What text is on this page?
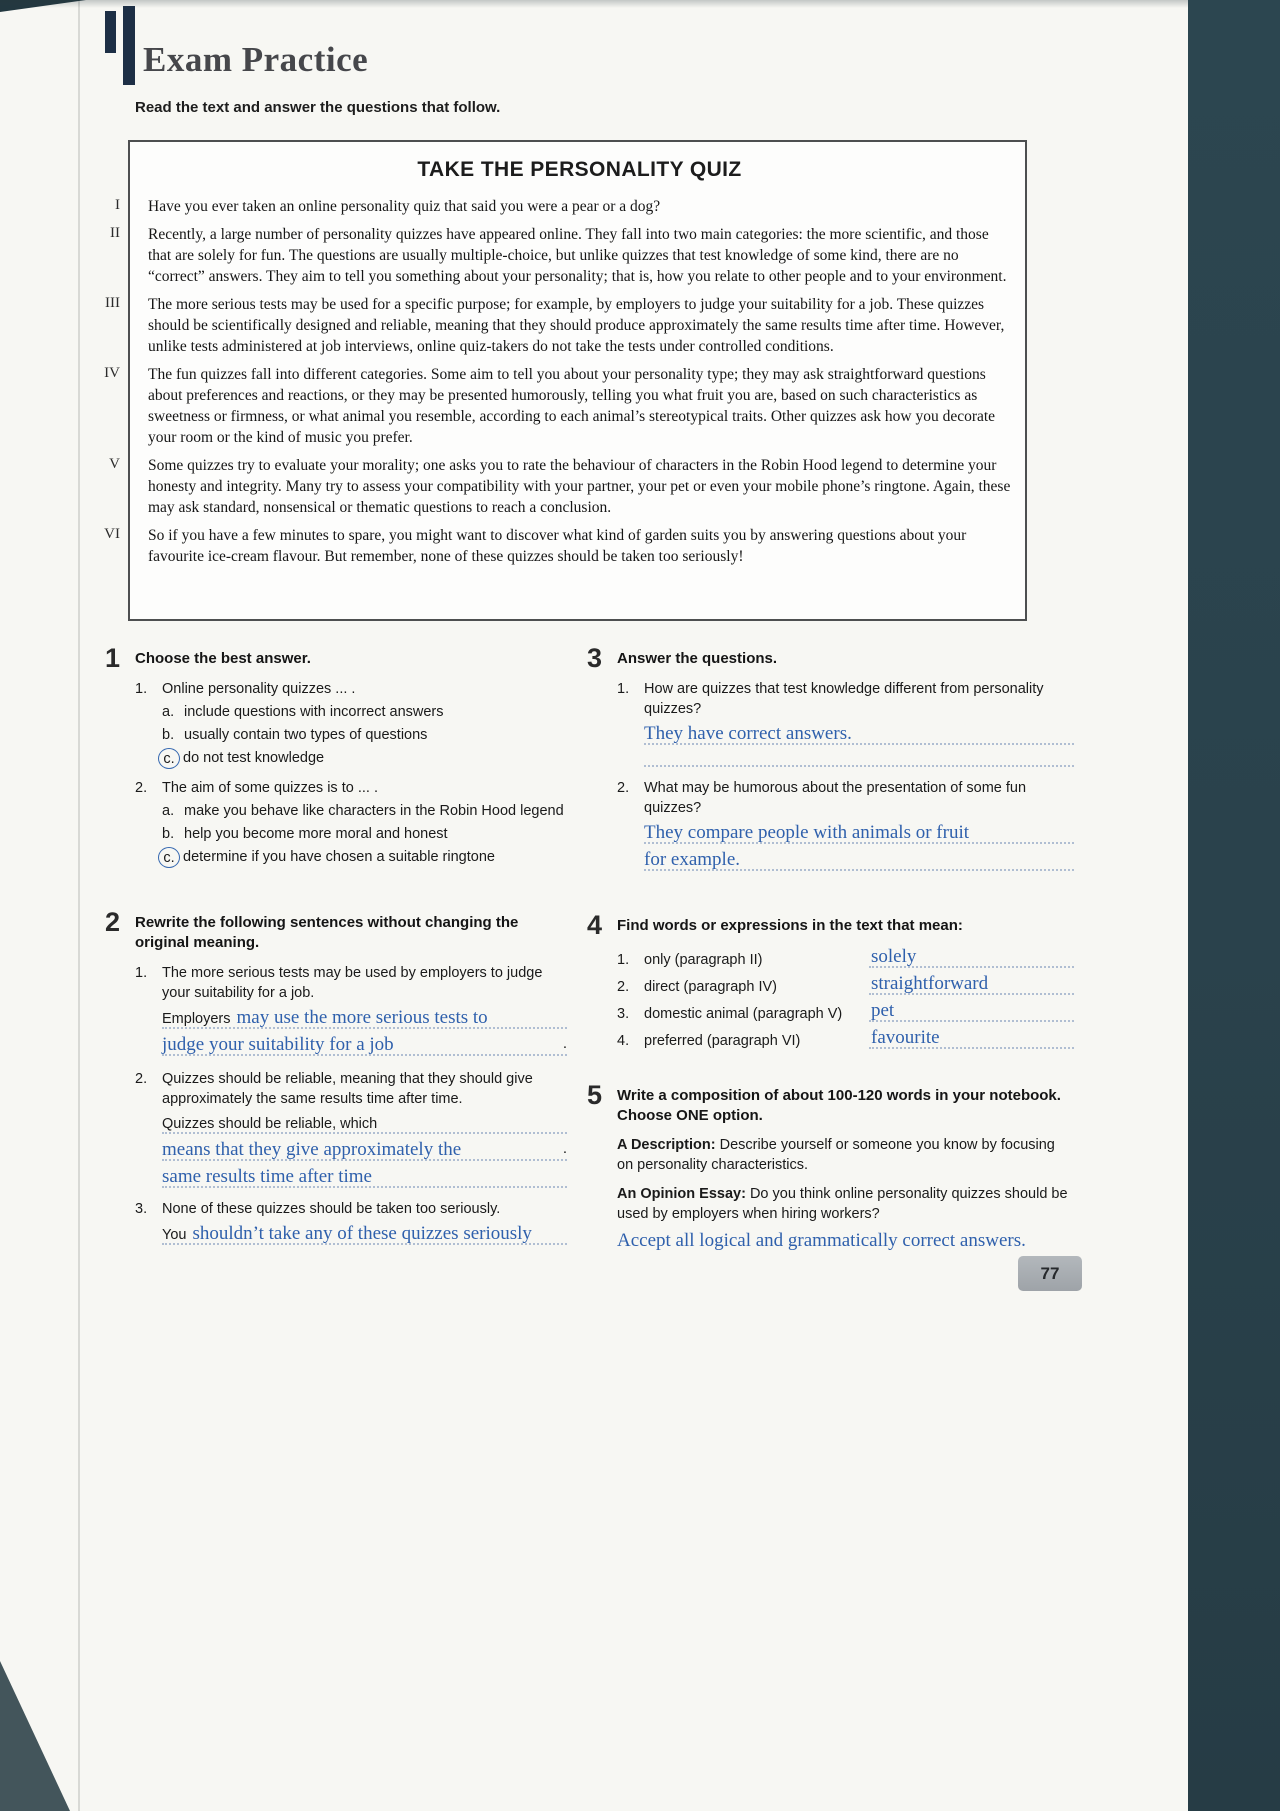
Exam Practice
Read the text and answer the questions that follow.
TAKE THE PERSONALITY QUIZ
I Have you ever taken an online personality quiz that said you were a pear or a dog?

II Recently, a large number of personality quizzes have appeared online. They fall into two main categories: the more scientific, and those that are solely for fun. The questions are usually multiple-choice, but unlike quizzes that test knowledge of some kind, there are no “correct” answers. They aim to tell you something about your personality; that is, how you relate to other people and to your environment.

III The more serious tests may be used for a specific purpose; for example, by employers to judge your suitability for a job. These quizzes should be scientifically designed and reliable, meaning that they should produce approximately the same results time after time. However, unlike tests administered at job interviews, online quiz-takers do not take the tests under controlled conditions.

IV The fun quizzes fall into different categories. Some aim to tell you about your personality type; they may ask straightforward questions about preferences and reactions, or they may be presented humorously, telling you what fruit you are, based on such characteristics as sweetness or firmness, or what animal you resemble, according to each animal’s stereotypical traits. Other quizzes ask how you decorate your room or the kind of music you prefer.

V Some quizzes try to evaluate your morality; one asks you to rate the behaviour of characters in the Robin Hood legend to determine your honesty and integrity. Many try to assess your compatibility with your partner, your pet or even your mobile phone’s ringtone. Again, these may ask standard, nonsensical or thematic questions to reach a conclusion.

VI So if you have a few minutes to spare, you might want to discover what kind of garden suits you by answering questions about your favourite ice-cream flavour. But remember, none of these quizzes should be taken too seriously!

1 Choose the best answer.
1.	Online personality quizzes ... .
a. include questions with incorrect answers
b. usually contain two types of questions
c. do not test knowledge
2.	The aim of some quizzes is to ... .
a. make you behave like characters in the Robin Hood legend
b. help you become more moral and honest
c. determine if you have chosen a suitable ringtone
2 Rewrite the following sentences without changing the original meaning.
1.	The more serious tests may be used by employers to judge your suitability for a job.
Employers may use the more serious tests to
judge your suitability for a job	.
2.	Quizzes should be reliable, meaning that they should give approximately the same results time after time.
Quizzes should be reliable, which
means that they give approximately the	.
same results time after time
3.	None of these quizzes should be taken too seriously.
You shouldn’t take any of these quizzes seriously
3 Answer the questions.
1.	How are quizzes that test knowledge different from personality quizzes?
They have correct answers.
2.	What may be humorous about the presentation of some fun quizzes?
They compare people with animals or fruit
for example.
4 Find words or expressions in the text that mean:
1.	only (paragraph II)	solely
2.	direct (paragraph IV)	straightforward
3.	domestic animal (paragraph V)	pet
4.	preferred (paragraph VI)	favourite
5 Write a composition of about 100-120 words in your notebook. Choose ONE option.

A Description: Describe yourself or someone you know by focusing on personality characteristics.

An Opinion Essay: Do you think online personality quizzes should be used by employers when hiring workers?

Accept all logical and grammatically correct answers.
77
